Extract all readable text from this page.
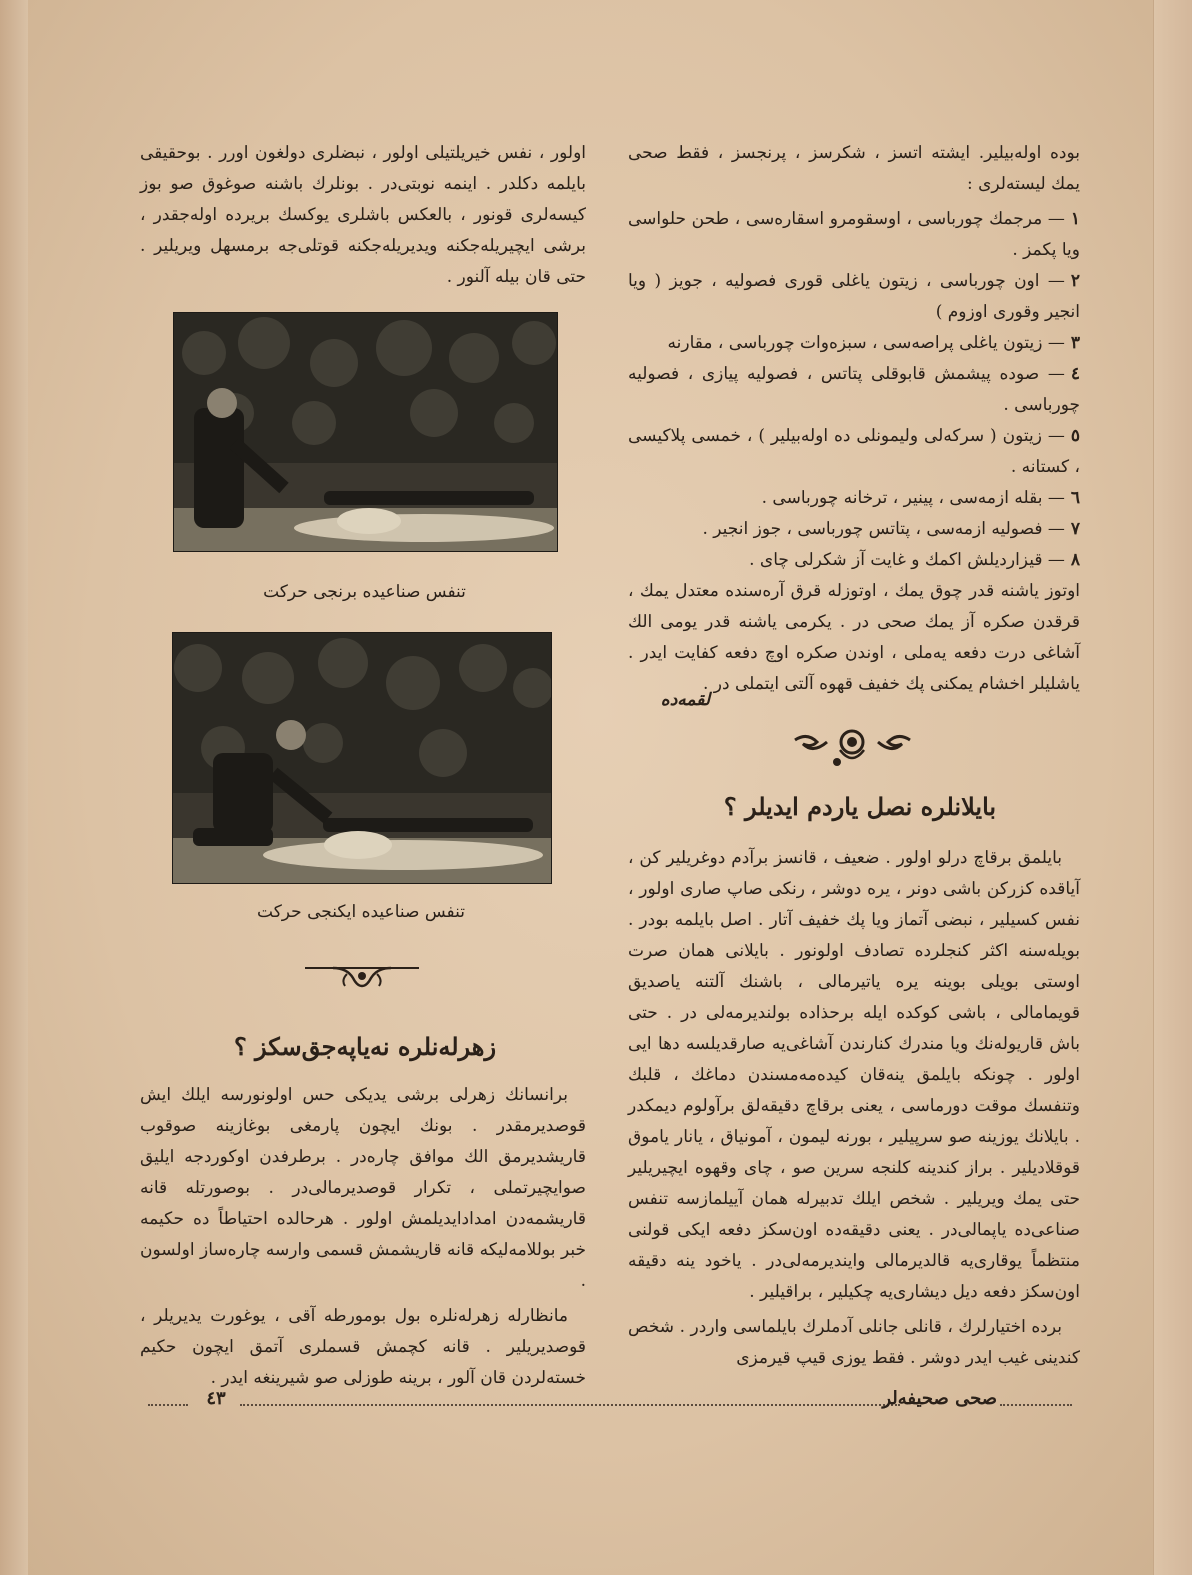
بوده اوله‌بیلیر. ایشته اتسز ، شکرسز ، پرنجسز ، فقط صحی یمك لیسته‌لری :

١— مرجمك چورباسی ، اوسقومرو اسقاره‌سی ، طحن حلواسی ویا پكمز .
٢— اون چورباسی ، زیتون یاغلی قوری فصولیه ، جویز ( ویا انجیر وقوری اوزوم )
٣— زیتون یاغلی پراصه‌سی ، سبزه‌وات چورباسی ، مقارنه
٤— صوده پیشمش قابوقلی پتاتس ، فصولیه پیازی ، فصولیه چورباسی .
٥— زیتون ( سركه‌لی ولیمونلی ده اوله‌بیلیر ) ، خمسی پلاكیسی ، كستانه .
٦— بقله ازمه‌سی ، پینیر ، ترخانه چورباسی .
٧— فصولیه ازمه‌سی ، پتاتس چورباسی ، جوز انجیر .
٨— قیزاردیلش اكمك و غایت آز شكرلی چای .

اوتوز یاشنه قدر چوق یمك ، اوتوزله قرق آره‌سنده معتدل یمك ، قرقدن صكره آز یمك صحی در . یكرمی یاشنه قدر یومی الك آشاغی درت دفعه یه‌ملی ، اوندن صكره اوچ دفعه كفایت ایدر . یاشلیلر اخشام یمكنی پك خفیف قهوه آلتی ایتملی در .

لقمه‌ده
بایلانلره نصل یاردم ایدیلر ؟

بایلمق برقاچ درلو اولور . ضعیف ، قانسز برآدم دوغریلیر كن ، آیاقده كزركن باشی دونر ، یره دوشر ، رنكی صاپ صاری اولور ، نفس كسیلیر ، نبضی آتماز ویا پك خفیف آتار . اصل بایلمه بودر . بویله‌سنه اكثر كنجلرده تصادف اولونور . بایلانی همان صرت اوستی بویلی بوینه یره یاتیرمالی ، باشنك آلتنه یاصدیق قویمامالی ، باشی كوكده ایله برحذاده بولندیرمه‌لی در . حتی باش قاریوله‌نك ویا مندرك كنارندن آشاغی‌یه صارقدیلسه دها ایی اولور . چونكه بایلمق ینه‌قان كیده‌مه‌مسندن دماغك ، قلبك وتنفسك موقت دورماسی ، یعنی برقاچ دقیقه‌لق برآولوم دیمكدر . بایلانك یوزینه صو سرپیلیر ، بورنه لیمون ، آمونیاق ، یانار یاموق قوقلادیلیر . براز كندینه كلنجه سرین صو ، چای وقهوه ایچیریلیر حتی یمك ویریلیر . شخص ایلك تدبیرله همان آییلمازسه تنفس صناعی‌ده یاپمالی‌در . یعنی دقیقه‌ده اون‌سكز دفعه ایكی قولنی منتظماً یوقاری‌یه قالدیرمالی واینديرمه‌لی‌در . یاخود ینه دقیقه اون‌سكز دفعه دیل دیشاری‌یه چكیلیر ، براقیلیر .

برده اختیارلرك ، قانلی جانلی آدملرك بایلماسی واردر . شخص كندینی غیب ایدر دوشر . فقط یوزی قیپ قیرمزی

اولور ، نفس خیریلتیلی اولور ، نبضلری دولغون اورر . بوحقیقی بایلمه دكلدر . اینمه نوبتی‌در . بونلرك باشنه صوغوق صو بوز كیسه‌لری قونور ، بالعكس باشلری یوكسك بریرده اوله‌جقدر ، برشی ایچیریله‌جكنه ویدیریله‌جكنه قوتلی‌جه برمسهل ویریلیر . حتی قان بیله آلنور .

تنفس صناعیده برنجی حركت
تنفس صناعیده ایكنجی حركت
زهرله‌نلره نه‌یاپه‌جق‌سكز ؟

برانسانك زهرلی برشی یدیكی حس اولونورسه ایلك ایش قوصدیرمقدر . بونك ایچون پارمغی بوغازینه صوقوب قاریشدیرمق الك موافق چاره‌در . برطرفدن اوكوردجه ایلیق صوایچیرتملی ، تكرار قوصدیرمالی‌در . بوصورتله قانه قاریشمه‌دن امدادایدیلمش اولور . هرحالده احتیاطاً ده حكیمه خبر بوللامه‌لیكه قانه قاریشمش قسمی وارسه چاره‌ساز اولسون .

مانظارله زهرله‌نلره بول بومورطه آقی ، یوغورت یدیریلر ، قوصدیریلیر . قانه كچمش قسملری آتمق ایچون حكیم خسته‌لردن قان آلور ، برینه طوزلی صو شیرینغه ایدر .

٤٣	صحی صحیفه‌لر
